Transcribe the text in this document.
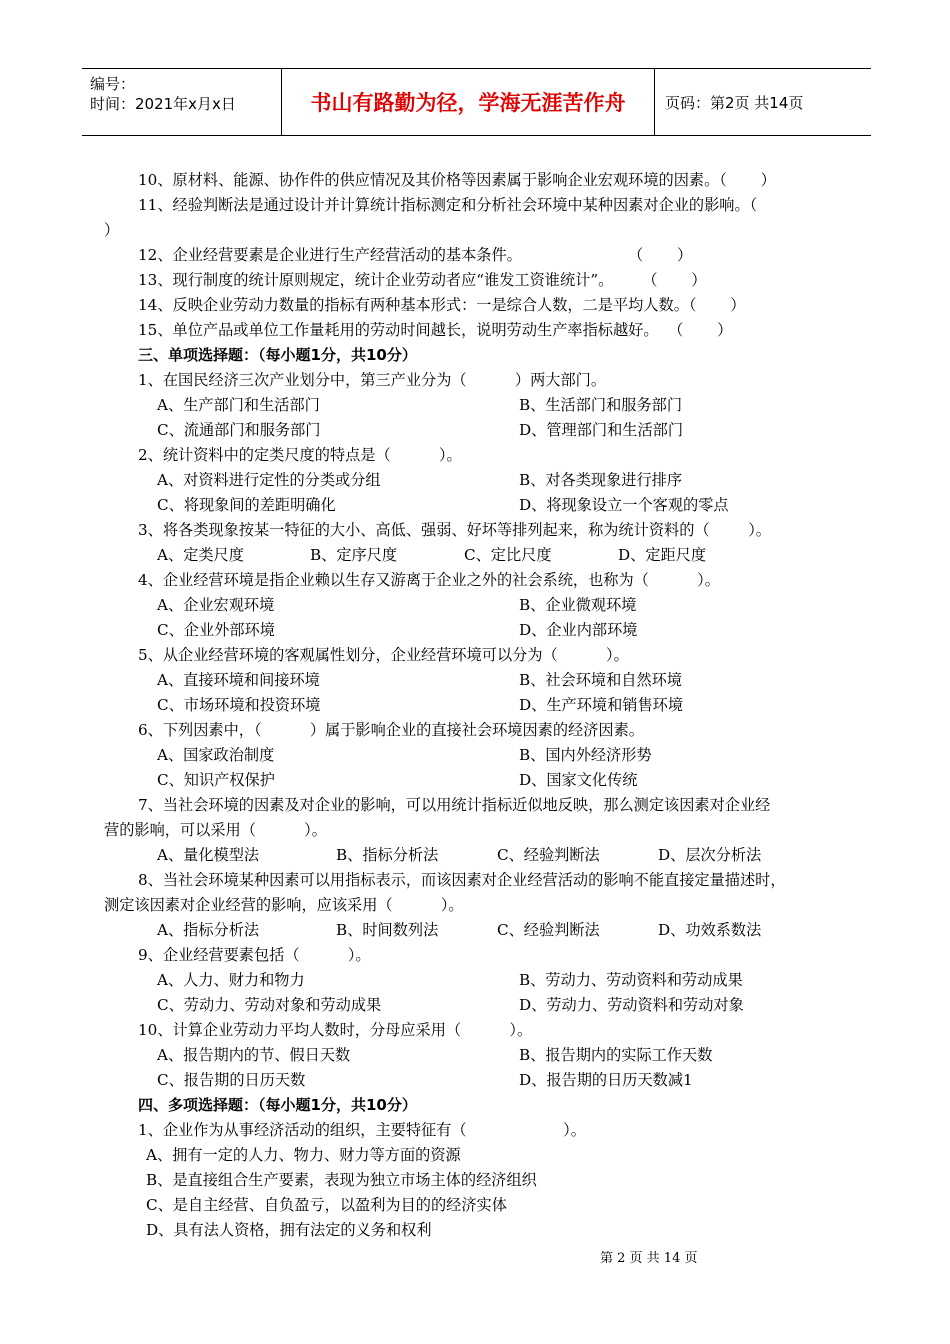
编号：
时间：2021年x月x日	书山有路勤为径，学海无涯苦作舟	页码：第2页 共14页
10、原材料、能源、协作件的供应情况及其价格等因素属于影响企业宏观环境的因素。（       ）
11、经验判断法是通过设计并计算统计指标测定和分析社会环境中某种因素对企业的影响。（
）
12、企业经营要素是企业进行生产经营活动的基本条件。                      （       ）
13、现行制度的统计原则规定，统计企业劳动者应“谁发工资谁统计”。      （       ）
14、反映企业劳动力数量的指标有两种基本形式：一是综合人数，二是平均人数。（       ）
15、单位产品或单位工作量耗用的劳动时间越长，说明劳动生产率指标越好。  （       ）
三、单项选择题：（每小题1分，共10分）
1、在国民经济三次产业划分中，第三产业分为（          ）两大部门。
A、生产部门和生活部门	B、生活部门和服务部门
C、流通部门和服务部门	D、管理部门和生活部门
2、统计资料中的定类尺度的特点是（          ）。
A、对资料进行定性的分类或分组	B、对各类现象进行排序
C、将现象间的差距明确化	D、将现象设立一个客观的零点
3、将各类现象按某一特征的大小、高低、强弱、好坏等排列起来，称为统计资料的（        ）。
A、定类尺度	B、定序尺度	C、定比尺度	D、定距尺度
4、企业经营环境是指企业赖以生存又游离于企业之外的社会系统，也称为（          ）。
A、企业宏观环境	B、企业微观环境
C、企业外部环境	D、企业内部环境
5、从企业经营环境的客观属性划分，企业经营环境可以分为（          ）。
A、直接环境和间接环境	B、社会环境和自然环境
C、市场环境和投资环境	D、生产环境和销售环境
6、下列因素中，（          ）属于影响企业的直接社会环境因素的经济因素。
A、国家政治制度	B、国内外经济形势
C、知识产权保护	D、国家文化传统
7、当社会环境的因素及对企业的影响，可以用统计指标近似地反映，那么测定该因素对企业经
营的影响，可以采用（          ）。
A、量化模型法	B、指标分析法	C、经验判断法	D、层次分析法
8、当社会环境某种因素可以用指标表示，而该因素对企业经营活动的影响不能直接定量描述时，
测定该因素对企业经营的影响，应该采用（          ）。
A、指标分析法	B、时间数列法	C、经验判断法	D、功效系数法
9、企业经营要素包括（          ）。
A、人力、财力和物力	B、劳动力、劳动资料和劳动成果
C、劳动力、劳动对象和劳动成果	D、劳动力、劳动资料和劳动对象
10、计算企业劳动力平均人数时，分母应采用（          ）。
A、报告期内的节、假日天数	B、报告期内的实际工作天数
C、报告期的日历天数	D、报告期的日历天数减1
四、多项选择题：（每小题1分，共10分）
1、企业作为从事经济活动的组织，主要特征有（                    ）。
A、拥有一定的人力、物力、财力等方面的资源
B、是直接组合生产要素，表现为独立市场主体的经济组织
C、是自主经营、自负盈亏，以盈利为目的的经济实体
D、具有法人资格，拥有法定的义务和权利
第 2 页 共 14 页
